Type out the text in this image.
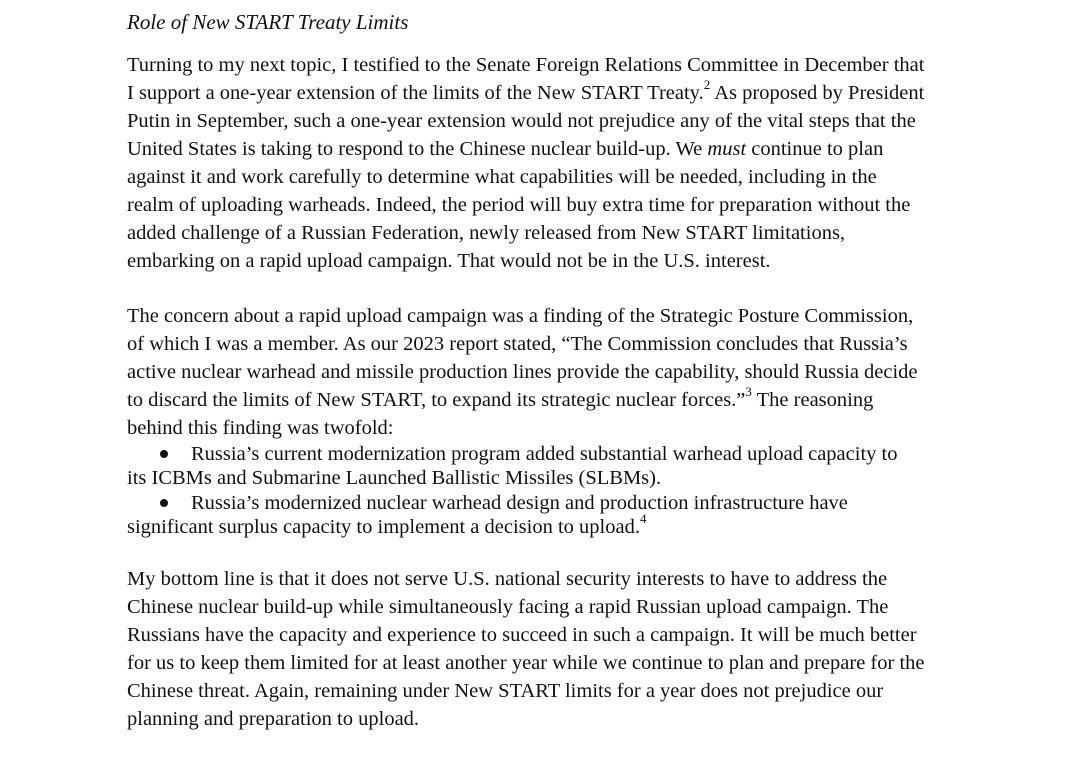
Role of New START Treaty Limits
Turning to my next topic, I testified to the Senate Foreign Relations Committee in December that
I support a one-year extension of the limits of the New START Treaty.$^2$ As proposed by President
Putin in September, such a one-year extension would not prejudice any of the vital steps that the
United States is taking to respond to the Chinese nuclear build-up. We must continue to plan
against it and work carefully to determine what capabilities will be needed, including in the
realm of uploading warheads. Indeed, the period will buy extra time for preparation without the
added challenge of a Russian Federation, newly released from New START limitations,
embarking on a rapid upload campaign. That would not be in the U.S. interest.
The concern about a rapid upload campaign was a finding of the Strategic Posture Commission,
of which I was a member. As our 2023 report stated, “The Commission concludes that Russia’s
active nuclear warhead and missile production lines provide the capability, should Russia decide
to discard the limits of New START, to expand its strategic nuclear forces.”$^3$ The reasoning
behind this finding was twofold:
Russia’s current modernization program added substantial warhead upload capacity to
its ICBMs and Submarine Launched Ballistic Missiles (SLBMs).
Russia’s modernized nuclear warhead design and production infrastructure have
significant surplus capacity to implement a decision to upload.$^4$
My bottom line is that it does not serve U.S. national security interests to have to address the
Chinese nuclear build-up while simultaneously facing a rapid Russian upload campaign. The
Russians have the capacity and experience to succeed in such a campaign. It will be much better
for us to keep them limited for at least another year while we continue to plan and prepare for the
Chinese threat. Again, remaining under New START limits for a year does not prejudice our
planning and preparation to upload.
